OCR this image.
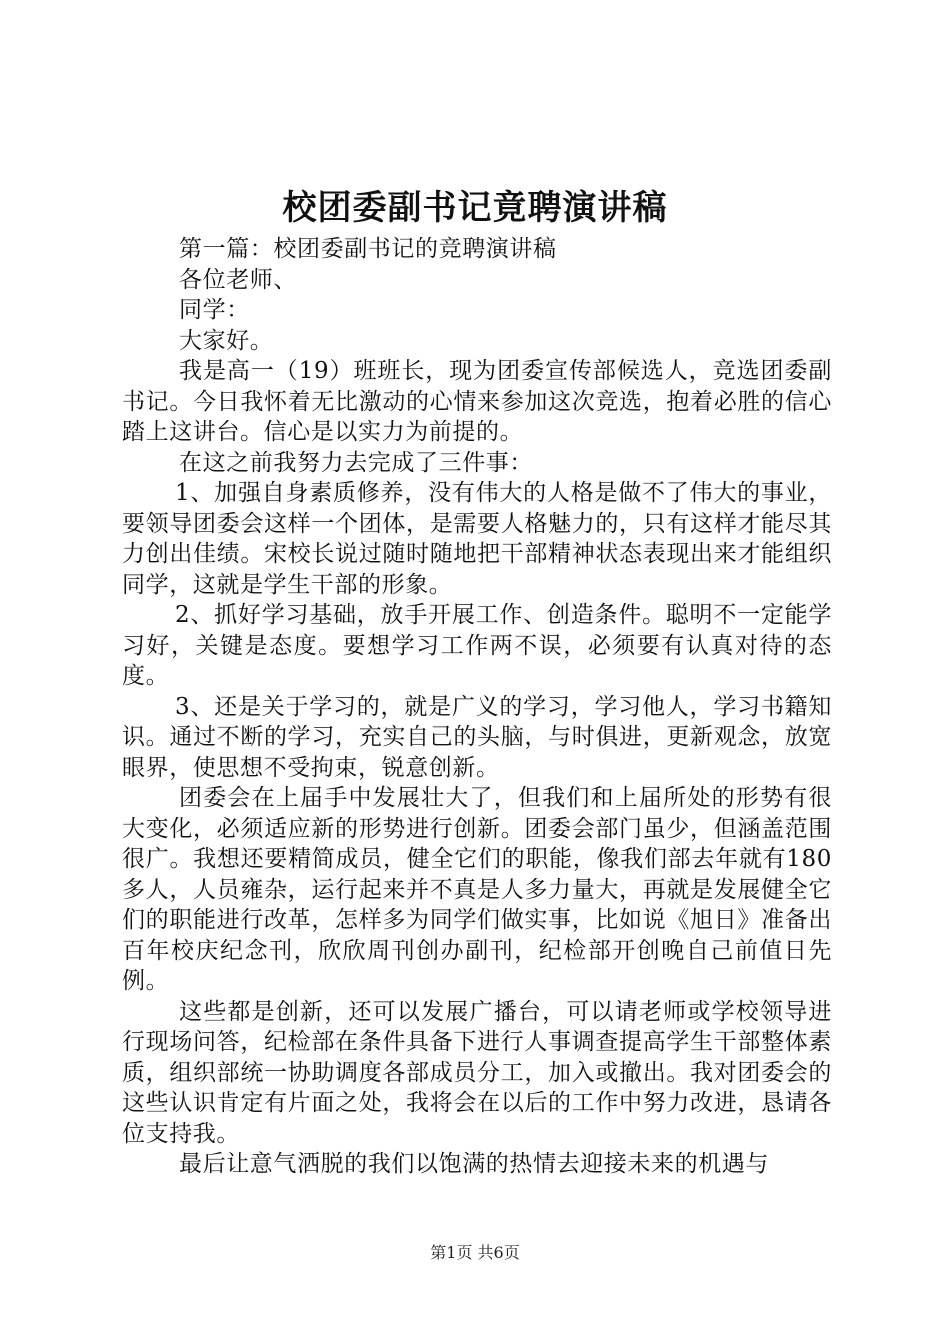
校团委副书记竟聘演讲稿

第一篇：校团委副书记的竞聘演讲稿

各位老师、

同学：

大家好。

我是高一（19）班班长，现为团委宣传部候选人，竞选团委副书记。今日我怀着无比激动的心情来参加这次竞选，抱着必胜的信心踏上这讲台。信心是以实力为前提的。

在这之前我努力去完成了三件事：

1、加强自身素质修养，没有伟大的人格是做不了伟大的事业，要领导团委会这样一个团体，是需要人格魅力的，只有这样才能尽其力创出佳绩。宋校长说过随时随地把干部精神状态表现出来才能组织同学，这就是学生干部的形象。

2、抓好学习基础，放手开展工作、创造条件。聪明不一定能学习好，关键是态度。要想学习工作两不误，必须要有认真对待的态度。

3、还是关于学习的，就是广义的学习，学习他人，学习书籍知识。通过不断的学习，充实自己的头脑，与时俱进，更新观念，放宽眼界，使思想不受拘束，锐意创新。

团委会在上届手中发展壮大了，但我们和上届所处的形势有很大变化，必须适应新的形势进行创新。团委会部门虽少，但涵盖范围很广。我想还要精简成员，健全它们的职能，像我们部去年就有180多人，人员雍杂，运行起来并不真是人多力量大，再就是发展健全它们的职能进行改革，怎样多为同学们做实事，比如说《旭日》准备出百年校庆纪念刊，欣欣周刊创办副刊，纪检部开创晚自己前值日先例。

这些都是创新，还可以发展广播台，可以请老师或学校领导进行现场问答，纪检部在条件具备下进行人事调查提高学生干部整体素质，组织部统一协助调度各部成员分工，加入或撤出。我对团委会的这些认识肯定有片面之处，我将会在以后的工作中努力改进，恳请各位支持我。

最后让意气洒脱的我们以饱满的热情去迎接未来的机遇与

第1页 共6页
